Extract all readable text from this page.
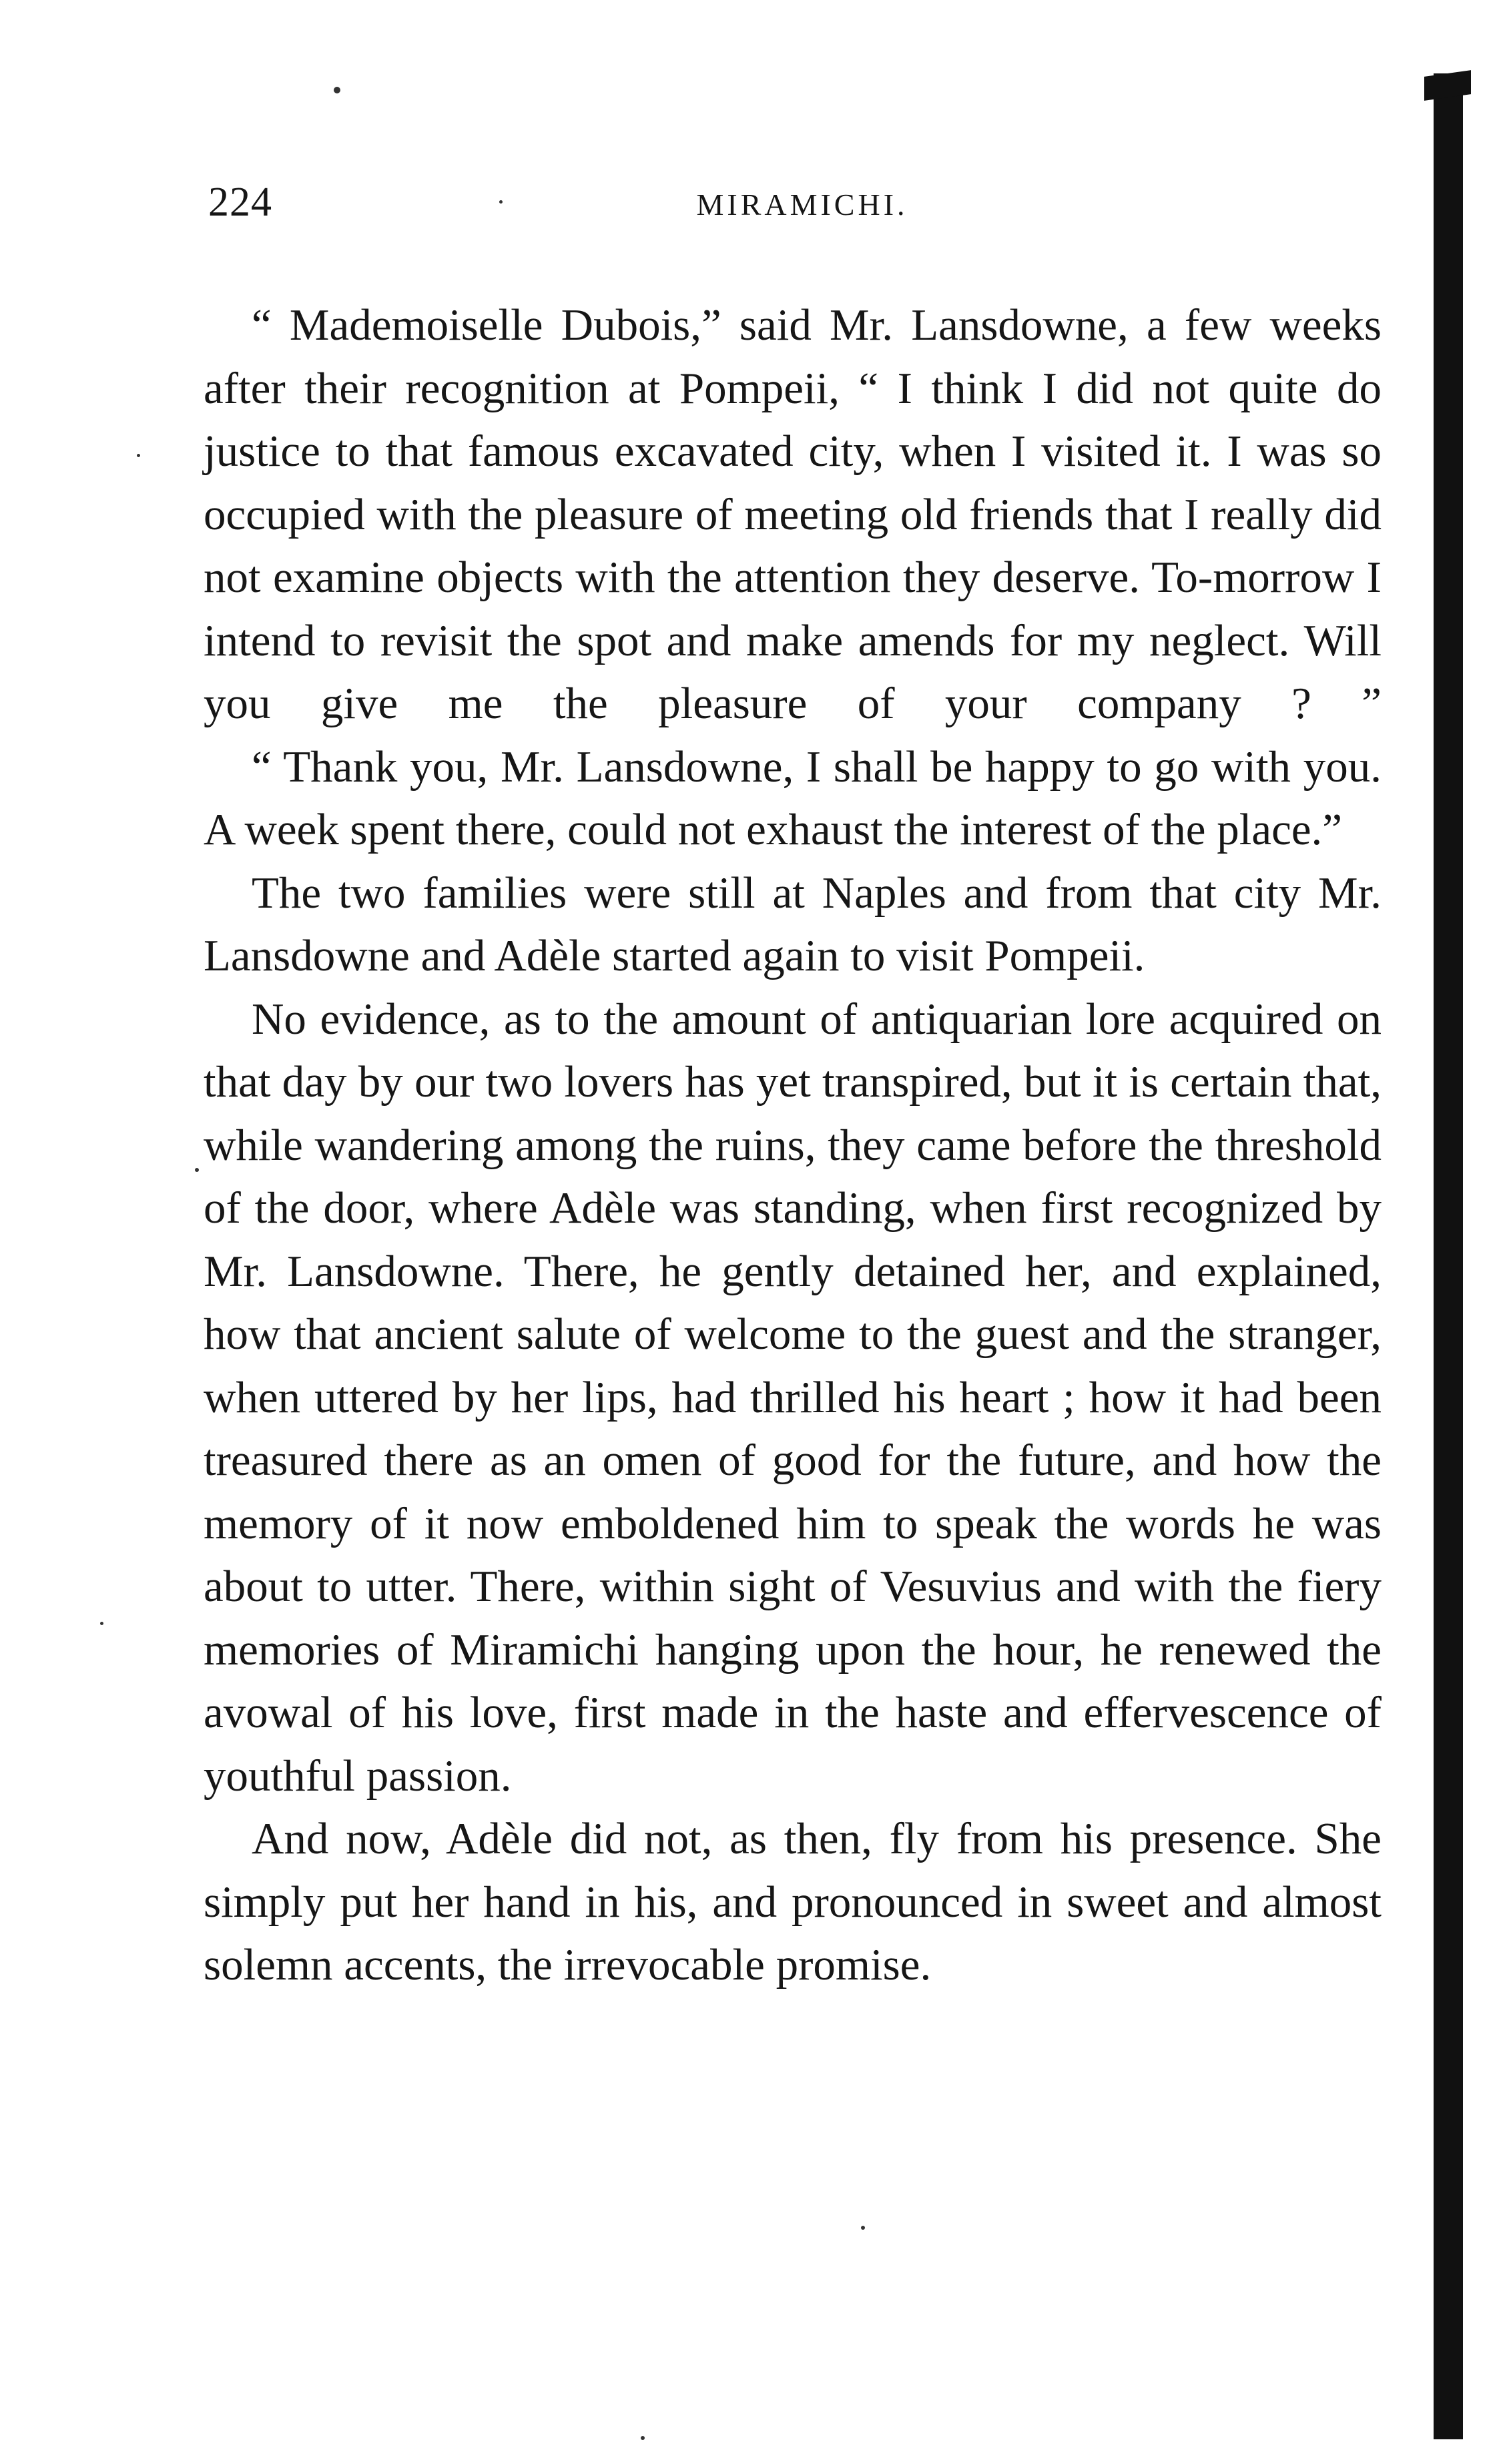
224	MIRAMICHI.

“ Mademoiselle Dubois,” said Mr. Lansdowne, a few weeks after their recognition at Pompeii, “ I think I did not quite do justice to that famous excavated city, when I visited it. I was so occupied with the pleasure of meeting old friends that I really did not examine objects with the attention they deserve. To-morrow I intend to revisit the spot and make amends for my neglect. Will you give me the pleasure of your company ? ”

“ Thank you, Mr. Lansdowne, I shall be happy to go with you. A week spent there, could not exhaust the interest of the place.”

The two families were still at Naples and from that city Mr. Lansdowne and Adèle started again to visit Pompeii.

No evidence, as to the amount of antiquarian lore acquired on that day by our two lovers has yet transpired, but it is certain that, while wandering among the ruins, they came before the threshold of the door, where Adèle was standing, when first recognized by Mr. Lansdowne. There, he gently detained her, and explained, how that ancient salute of welcome to the guest and the stranger, when uttered by her lips, had thrilled his heart ; how it had been treasured there as an omen of good for the future, and how the memory of it now emboldened him to speak the words he was about to utter. There, within sight of Vesuvius and with the fiery memories of Miramichi hanging upon the hour, he renewed the avowal of his love, first made in the haste and effervescence of youthful passion.

And now, Adèle did not, as then, fly from his presence. She simply put her hand in his, and pronounced in sweet and almost solemn accents, the irrevocable promise.
